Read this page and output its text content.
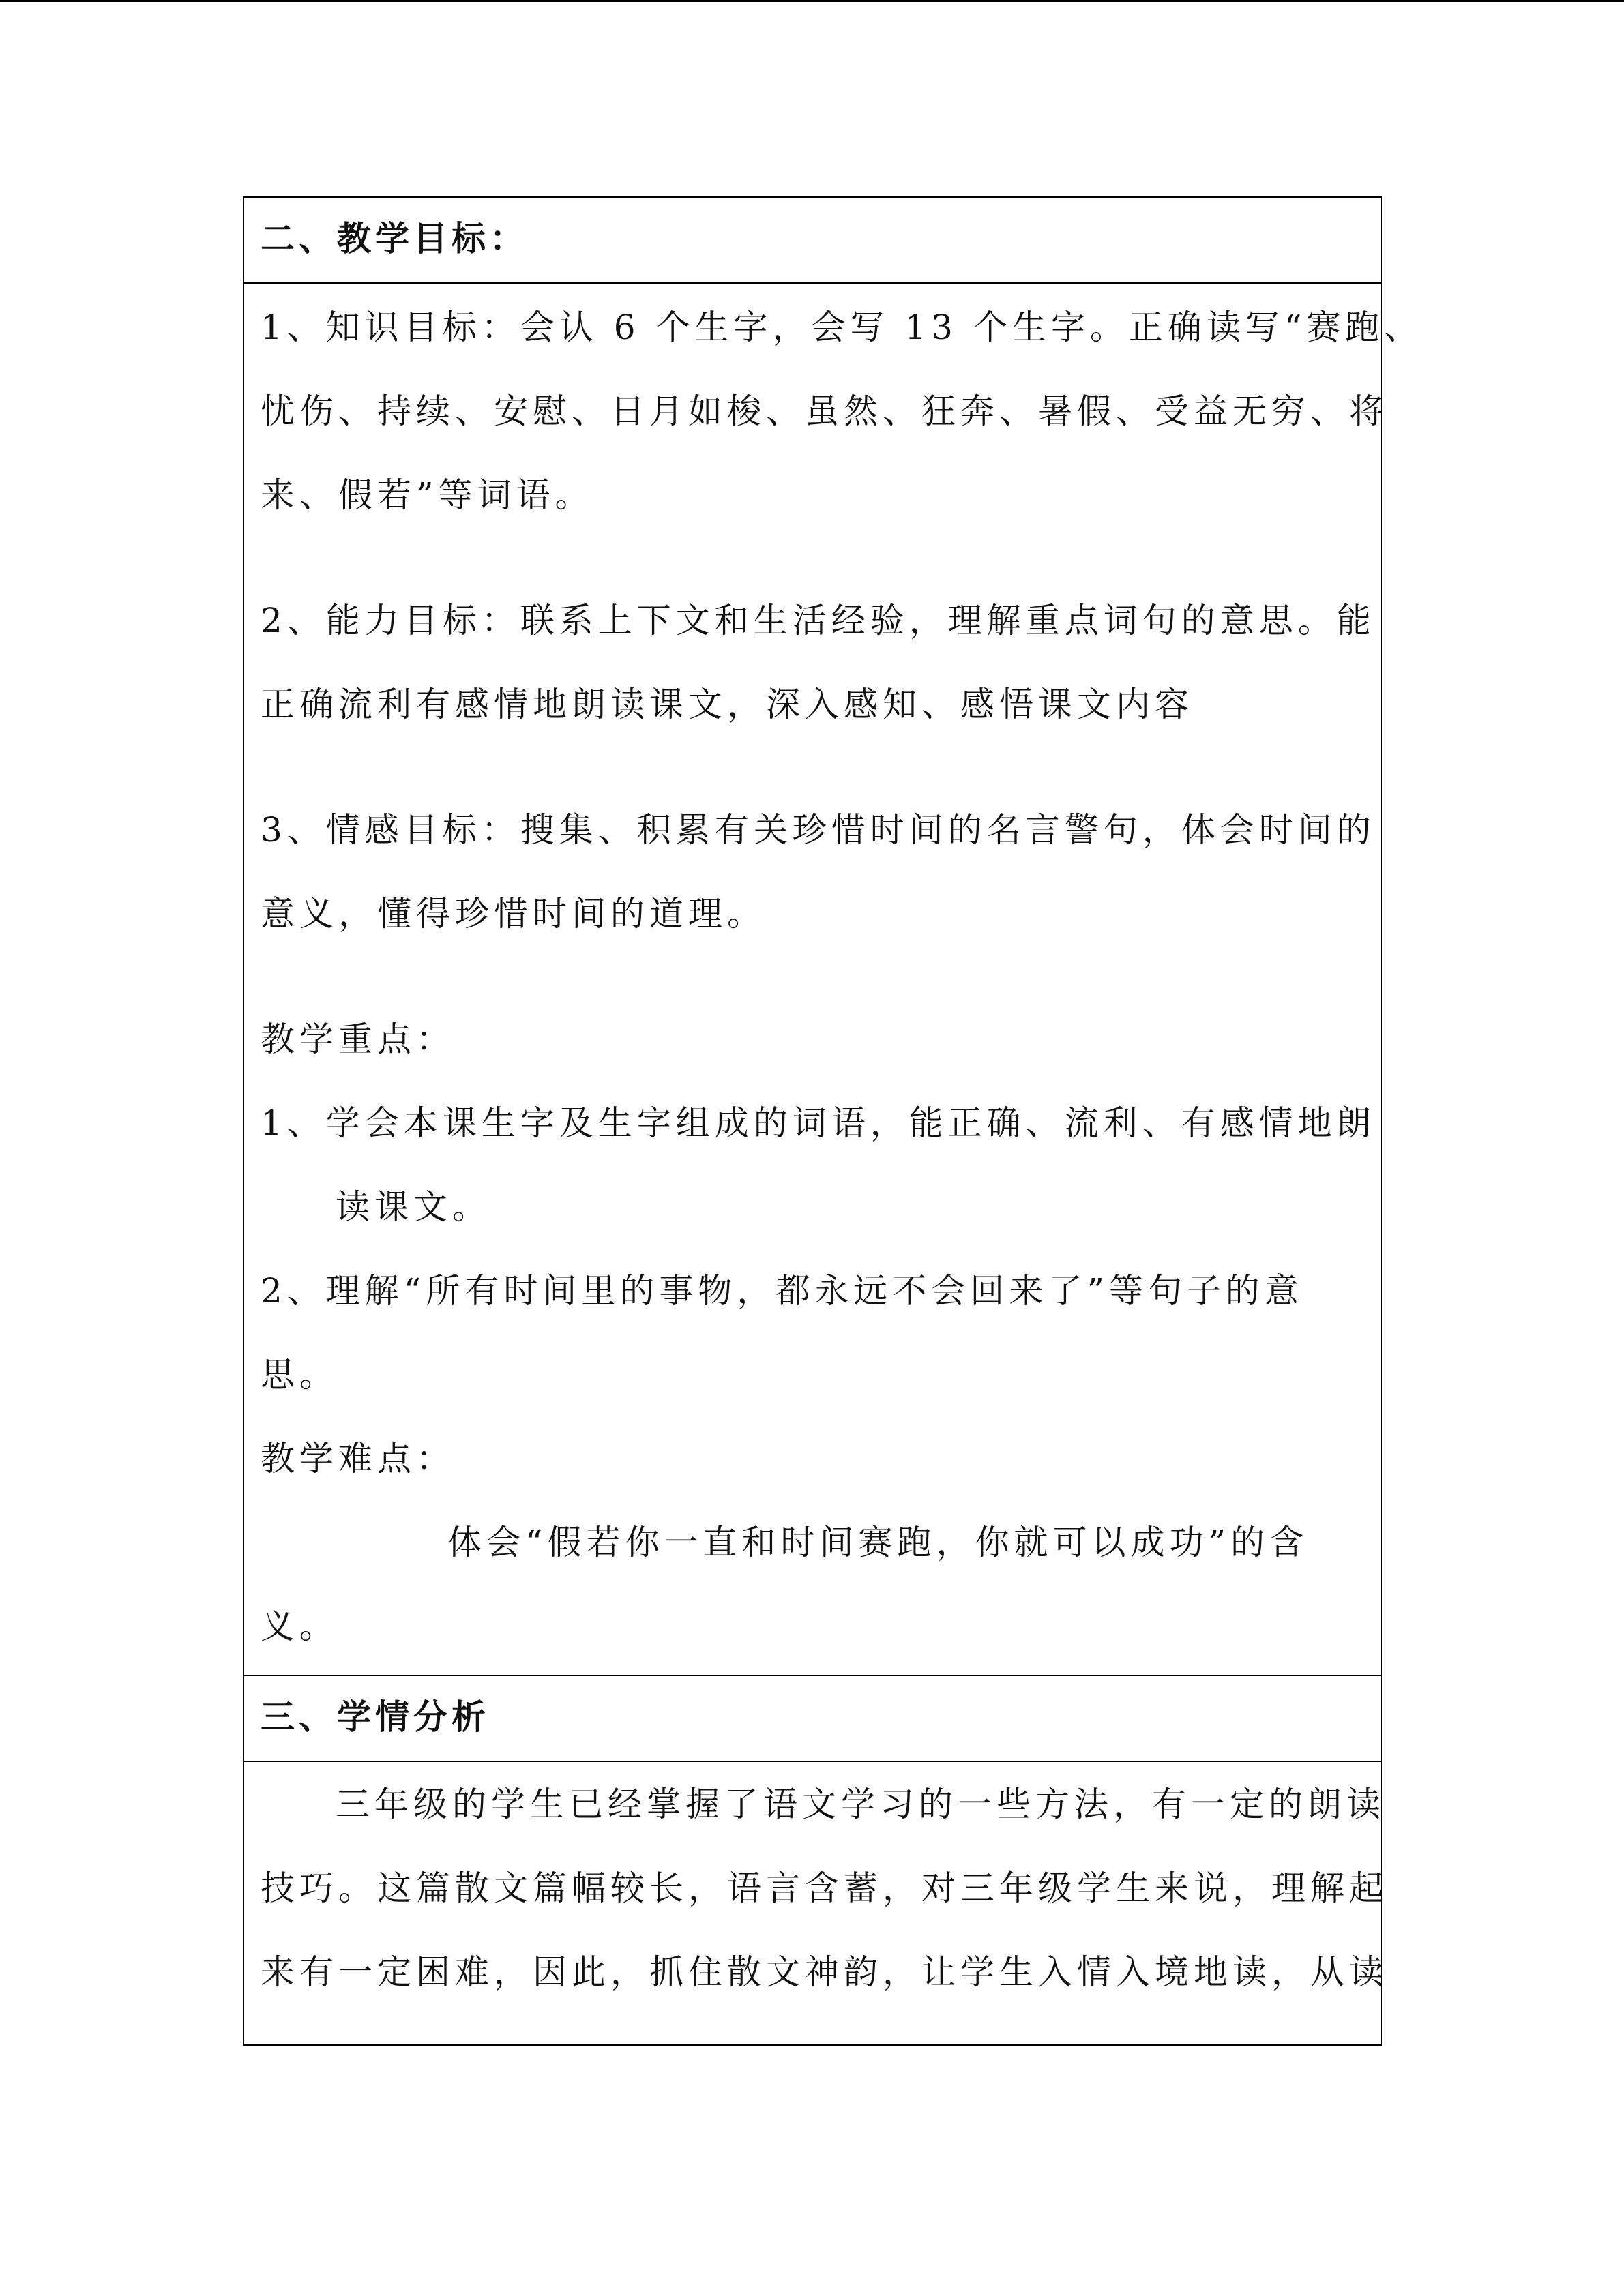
二、教学目标：
1、知识目标：会认 6 个生字，会写 13 个生字。正确读写“赛跑、
忧伤、持续、安慰、日月如梭、虽然、狂奔、暑假、受益无穷、将
来、假若”等词语。
2、能力目标：联系上下文和生活经验，理解重点词句的意思。能
正确流利有感情地朗读课文，深入感知、感悟课文内容
3、情感目标：搜集、积累有关珍惜时间的名言警句，体会时间的
意义，懂得珍惜时间的道理。
教学重点：
1、学会本课生字及生字组成的词语，能正确、流利、有感情地朗
读课文。
2、理解“所有时间里的事物，都永远不会回来了”等句子的意
思。
教学难点：
体会“假若你一直和时间赛跑，你就可以成功”的含
义。
三、学情分析
三年级的学生已经掌握了语文学习的一些方法，有一定的朗读
技巧。这篇散文篇幅较长，语言含蓄，对三年级学生来说，理解起
来有一定困难，因此，抓住散文神韵，让学生入情入境地读，从读
